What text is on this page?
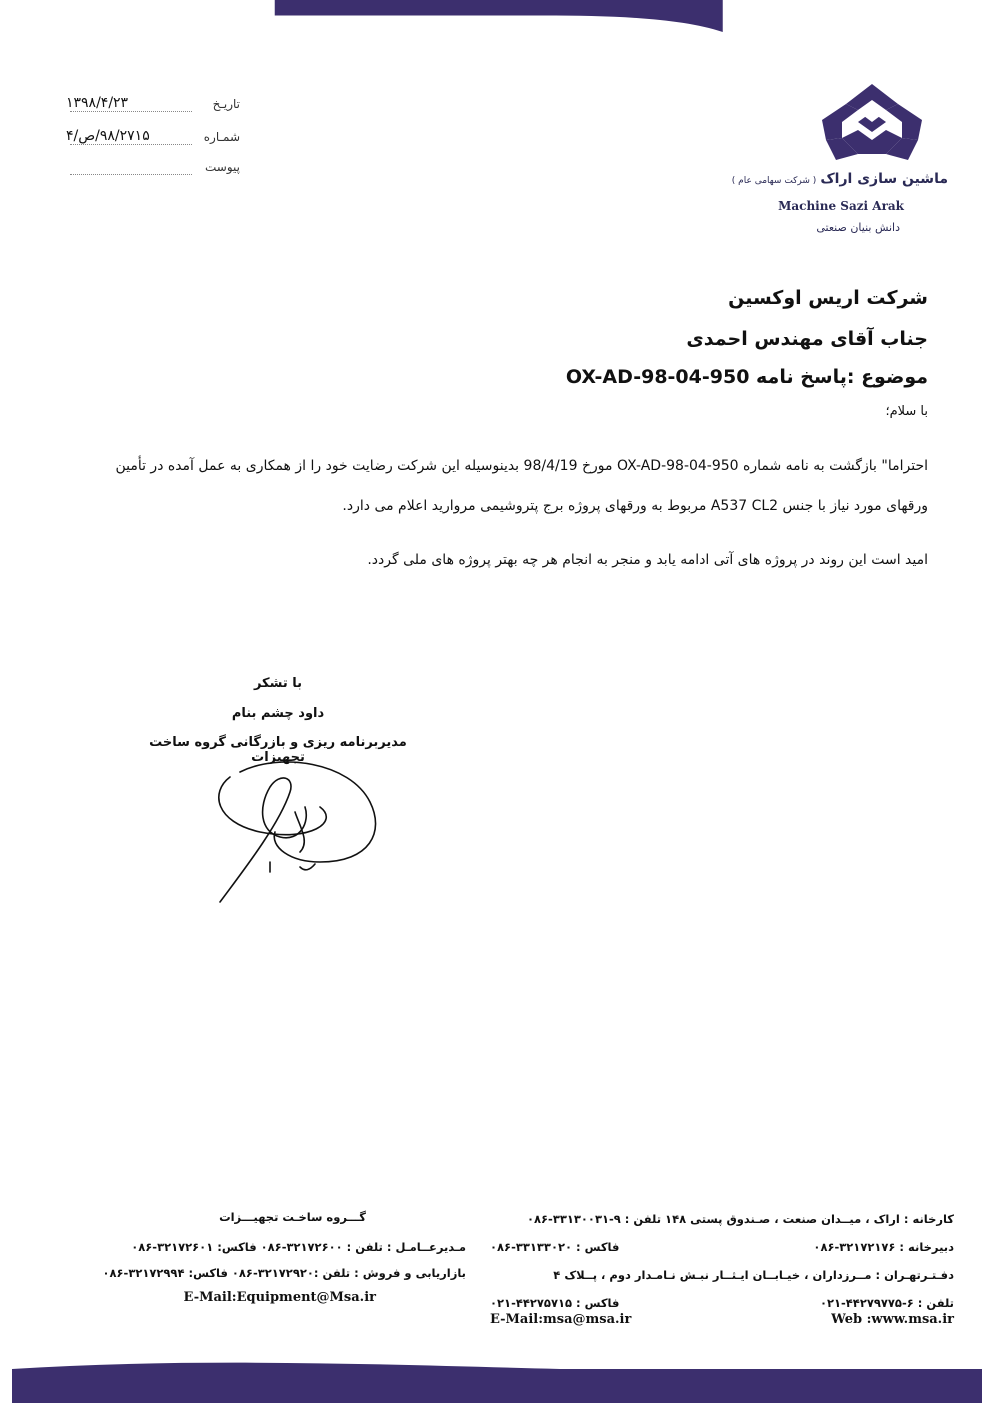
ماشین سازی اراک( شرکت سهامی عام )
Machine Sazi Arak
دانش بنیان صنعتی
تاریـخ
۱۳۹۸/۴/۲۳
شمـاره
۹۸/۲۷۱۵/ص/۴
پیوست
شرکت اریس اوکسین
جناب آقای مهندس احمدی
موضوع :پاسخ نامه OX-AD-98-04-950
با سلام؛
احتراما" بازگشت به نامه شماره OX-AD-98-04-950 مورخ 98/4/19 بدینوسیله این شرکت رضایت خود را از همکاری به عمل آمده در تأمین ورقهای مورد نیاز با جنس A537 CL2 مربوط به ورقهای پروژه برج پتروشیمی مروارید اعلام می دارد.
امید است این روند در پروژه های آتی ادامه یابد و منجر به انجام هر چه بهتر پروژه های ملی گردد.
با تشکر
داود چشم بنام
مدیربرنامه ریزی و بازرگانی گروه ساخت تجهیزات
گـــروه ساخـت تجهیـــزات
مـدیرعــامـل : تلفن : ۳۲۱۷۲۶۰۰-۰۸۶ فاکس: ۳۲۱۷۲۶۰۱-۰۸۶
بازاریابی و فروش : تلفن :۳۲۱۷۲۹۲۰-۰۸۶ فاکس: ۳۲۱۷۲۹۹۴-۰۸۶
E-Mail:Equipment@Msa.ir
کارخانه : اراک ، میــدان صنعت ، صـندوق پستی ۱۴۸ تلفن : ۹-۳۳۱۳۰۰۳۱-۰۸۶
دبیرخانه : ۳۲۱۷۲۱۷۶-۰۸۶
فاکس : ۳۳۱۳۳۰۲۰-۰۸۶
دفـتـرتهـران : مــرزداران ، خیـابــان ایـثــار نبـش نـامـدار دوم ، پــلاک ۴
تلفن : ۶-۴۴۲۷۹۷۷۵-۰۲۱
فاکس : ۴۴۲۷۵۷۱۵-۰۲۱
E-Mail:msa@msa.ir	Web :www.msa.ir
